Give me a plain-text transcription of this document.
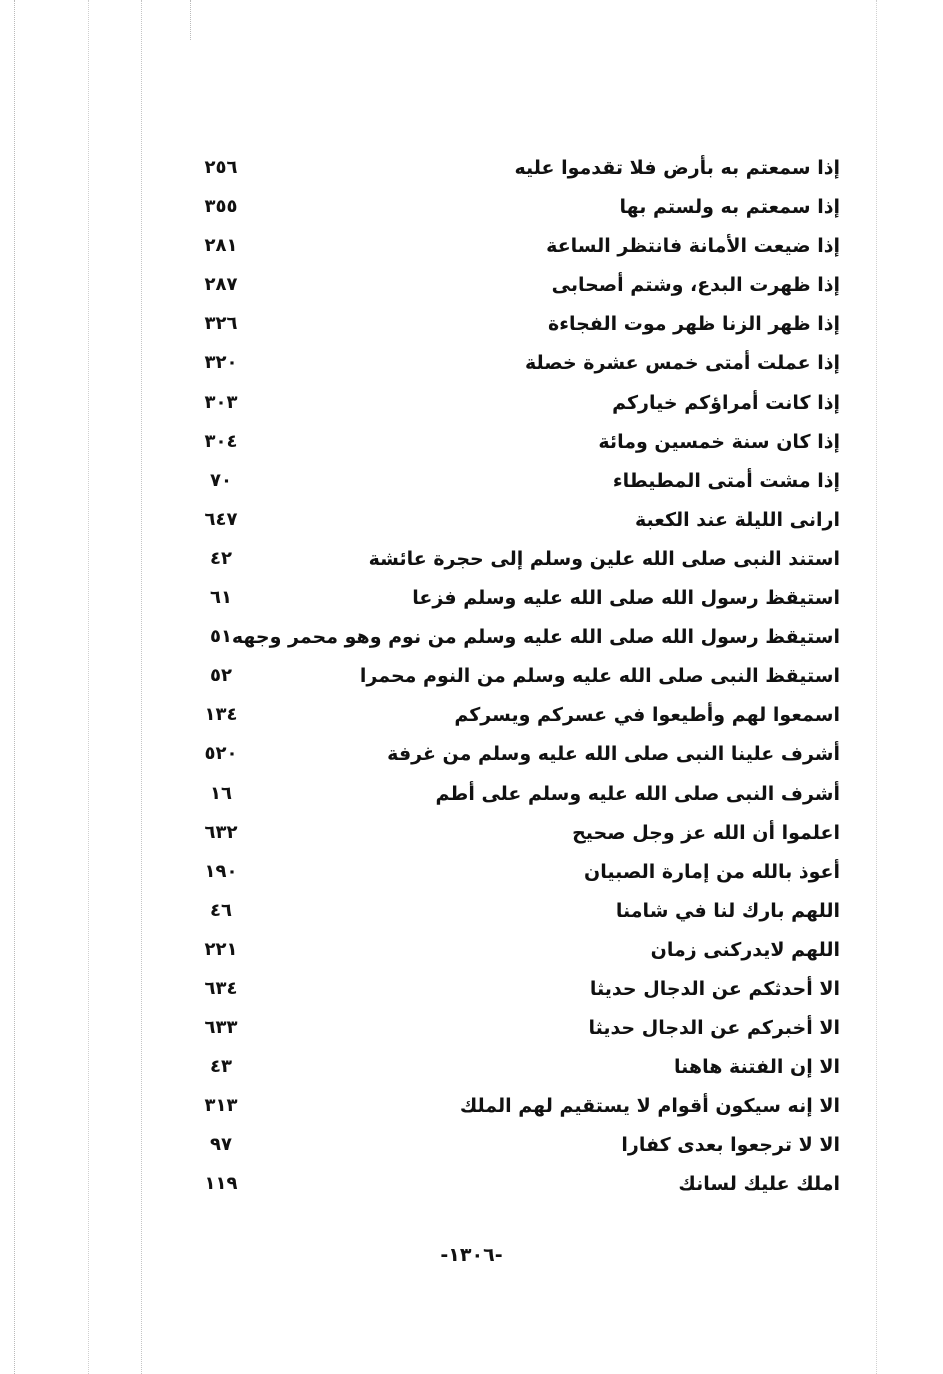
إذا سمعتم به بأرض فلا تقدموا عليه
٢٥٦
إذا سمعتم به ولستم بها
٣٥٥
إذا ضيعت الأمانة فانتظر الساعة
٢٨١
إذا ظهرت البدع، وشتم أصحابى
٢٨٧
إذا ظهر الزنا ظهر موت الفجاءة
٣٢٦
إذا عملت أمتى خمس عشرة خصلة
٣٢٠
إذا كانت أمراؤكم خياركم
٣٠٣
إذا كان سنة خمسين ومائة
٣٠٤
إذا مشت أمتى المطيطاء
٧٠
ارانى الليلة عند الكعبة
٦٤٧
استند النبى صلى الله علين وسلم إلى حجرة عائشة
٤٢
استيقظ رسول الله صلى الله عليه وسلم فزعا
٦١
استيقظ رسول الله صلى الله عليه وسلم من نوم وهو محمر وجهه
٥١
استيقظ النبى صلى الله عليه وسلم من النوم محمرا
٥٢
اسمعوا لهم وأطيعوا في عسركم ويسركم
١٣٤
أشرف علينا النبى صلى الله عليه وسلم من غرفة
٥٢٠
أشرف النبى صلى الله عليه وسلم على أطم
١٦
اعلموا أن الله عز وجل صحيح
٦٣٢
أعوذ بالله من إمارة الصبيان
١٩٠
اللهم بارك لنا في شامنا
٤٦
اللهم لايدركنى زمان
٢٢١
الا أحدثكم عن الدجال حديثا
٦٣٤
الا أخبركم عن الدجال حديثا
٦٣٣
الا إن الفتنة هاهنا
٤٣
الا إنه سيكون أقوام لا يستقيم لهم الملك
٣١٣
الا لا ترجعوا بعدى كفارا
٩٧
املك عليك لسانك
١١٩
-١٣٠٦-
